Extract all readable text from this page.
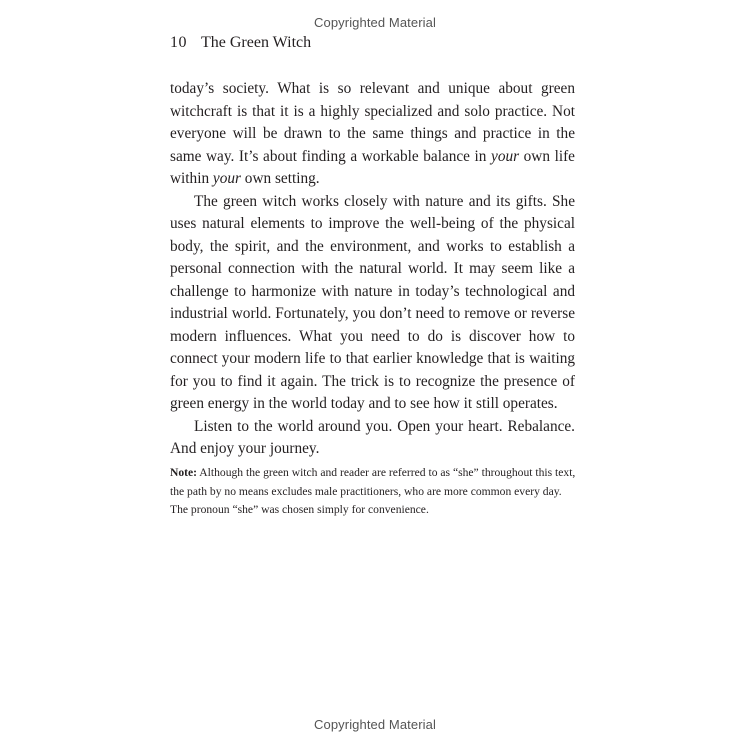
Copyrighted Material
10 The Green Witch

today’s society. What is so relevant and unique about green witchcraft is that it is a highly specialized and solo practice. Not everyone will be drawn to the same things and practice in the same way. It’s about finding a workable balance in your own life within your own setting.

The green witch works closely with nature and its gifts. She uses natural elements to improve the well-being of the physical body, the spirit, and the environment, and works to establish a personal connection with the natural world. It may seem like a challenge to harmonize with nature in today’s technological and industrial world. Fortunately, you don’t need to remove or reverse modern influences. What you need to do is discover how to connect your modern life to that earlier knowledge that is waiting for you to find it again. The trick is to recognize the presence of green energy in the world today and to see how it still operates.

Listen to the world around you. Open your heart. Rebalance. And enjoy your journey.

Note: Although the green witch and reader are referred to as “she” throughout this text, the path by no means excludes male practitioners, who are more common every day. The pronoun “she” was chosen simply for convenience.
Copyrighted Material
